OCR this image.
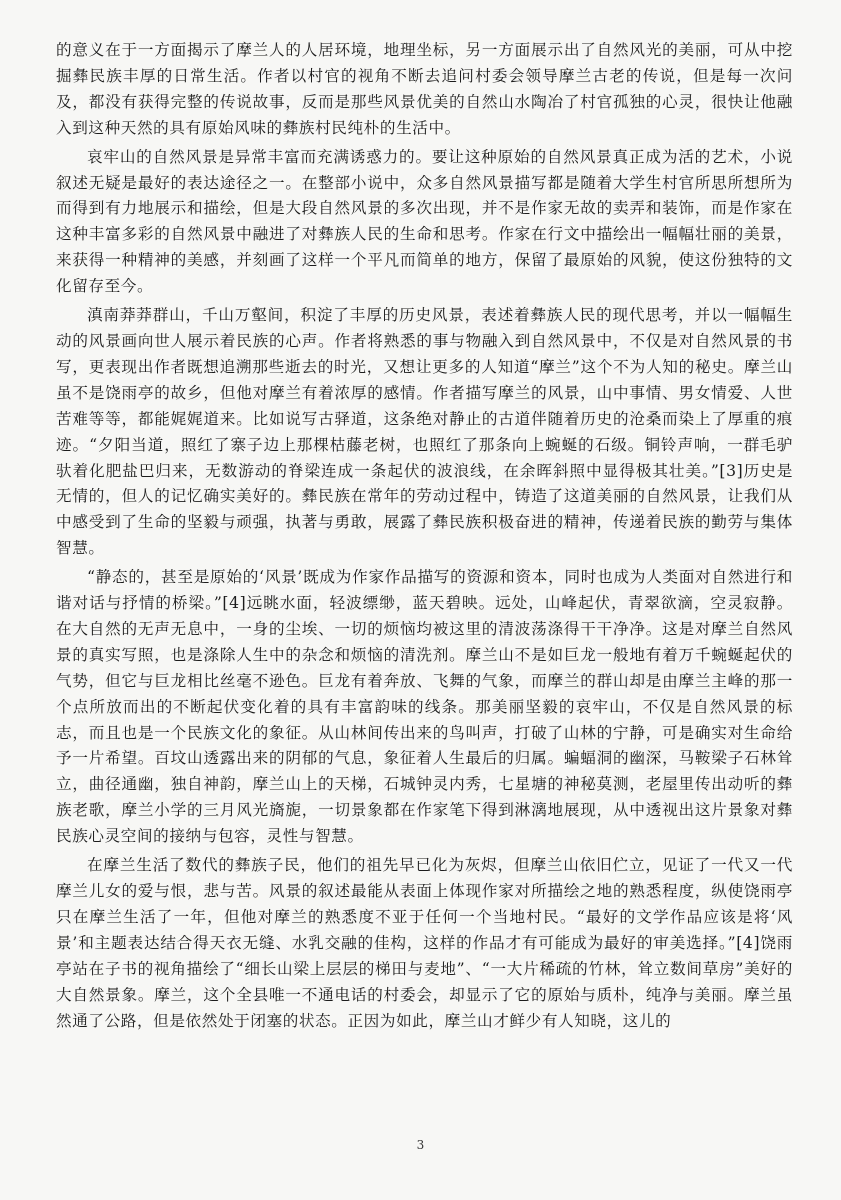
的意义在于一方面揭示了摩兰人的人居环境，地理坐标，另一方面展示出了自然风光的美丽，可从中挖掘彝民族丰厚的日常生活。作者以村官的视角不断去追问村委会领导摩兰古老的传说，但是每一次问及，都没有获得完整的传说故事，反而是那些风景优美的自然山水陶冶了村官孤独的心灵，很快让他融入到这种天然的具有原始风味的彝族村民纯朴的生活中。

哀牢山的自然风景是异常丰富而充满诱惑力的。要让这种原始的自然风景真正成为活的艺术，小说叙述无疑是最好的表达途径之一。在整部小说中，众多自然风景描写都是随着大学生村官所思所想所为而得到有力地展示和描绘，但是大段自然风景的多次出现，并不是作家无故的卖弄和装饰，而是作家在这种丰富多彩的自然风景中融进了对彝族人民的生命和思考。作家在行文中描绘出一幅幅壮丽的美景，来获得一种精神的美感，并刻画了这样一个平凡而简单的地方，保留了最原始的风貌，使这份独特的文化留存至今。

滇南莽莽群山，千山万壑间，积淀了丰厚的历史风景，表述着彝族人民的现代思考，并以一幅幅生动的风景画向世人展示着民族的心声。作者将熟悉的事与物融入到自然风景中，不仅是对自然风景的书写，更表现出作者既想追溯那些逝去的时光，又想让更多的人知道“摩兰”这个不为人知的秘史。摩兰山虽不是饶雨亭的故乡，但他对摩兰有着浓厚的感情。作者描写摩兰的风景，山中事情、男女情爱、人世苦难等等，都能娓娓道来。比如说写古驿道，这条绝对静止的古道伴随着历史的沧桑而染上了厚重的痕迹。“夕阳当道，照红了寨子边上那棵枯藤老树，也照红了那条向上蜿蜒的石级。铜铃声响，一群毛驴驮着化肥盐巴归来，无数游动的脊梁连成一条起伏的波浪线，在余晖斜照中显得极其壮美。”[3]历史是无情的，但人的记忆确实美好的。彝民族在常年的劳动过程中，铸造了这道美丽的自然风景，让我们从中感受到了生命的坚毅与顽强，执著与勇敢，展露了彝民族积极奋进的精神，传递着民族的勤劳与集体智慧。

“静态的，甚至是原始的‘风景’既成为作家作品描写的资源和资本，同时也成为人类面对自然进行和谐对话与抒情的桥梁。”[4]远眺水面，轻波缥缈，蓝天碧映。远处，山峰起伏，青翠欲滴，空灵寂静。在大自然的无声无息中，一身的尘埃、一切的烦恼均被这里的清波荡涤得干干净净。这是对摩兰自然风景的真实写照，也是涤除人生中的杂念和烦恼的清洗剂。摩兰山不是如巨龙一般地有着万千蜿蜒起伏的气势，但它与巨龙相比丝毫不逊色。巨龙有着奔放、飞舞的气象，而摩兰的群山却是由摩兰主峰的那一个点所放而出的不断起伏变化着的具有丰富韵味的线条。那美丽坚毅的哀牢山，不仅是自然风景的标志，而且也是一个民族文化的象征。从山林间传出来的鸟叫声，打破了山林的宁静，可是确实对生命给予一片希望。百坟山透露出来的阴郁的气息，象征着人生最后的归属。蝙蝠洞的幽深，马鞍梁子石林耸立，曲径通幽，独自神韵，摩兰山上的天梯，石城钟灵内秀，七星塘的神秘莫测，老屋里传出动听的彝族老歌，摩兰小学的三月风光旖旎，一切景象都在作家笔下得到淋漓地展现，从中透视出这片景象对彝民族心灵空间的接纳与包容，灵性与智慧。

在摩兰生活了数代的彝族子民，他们的祖先早已化为灰烬，但摩兰山依旧伫立，见证了一代又一代摩兰儿女的爱与恨，悲与苦。风景的叙述最能从表面上体现作家对所描绘之地的熟悉程度，纵使饶雨亭只在摩兰生活了一年，但他对摩兰的熟悉度不亚于任何一个当地村民。“最好的文学作品应该是将‘风景’和主题表达结合得天衣无缝、水乳交融的佳构，这样的作品才有可能成为最好的审美选择。”[4]饶雨亭站在子书的视角描绘了“细长山梁上层层的梯田与麦地”、“一大片稀疏的竹林，耸立数间草房”美好的大自然景象。摩兰，这个全县唯一不通电话的村委会，却显示了它的原始与质朴，纯净与美丽。摩兰虽然通了公路，但是依然处于闭塞的状态。正因为如此，摩兰山才鲜少有人知晓，这儿的

3
